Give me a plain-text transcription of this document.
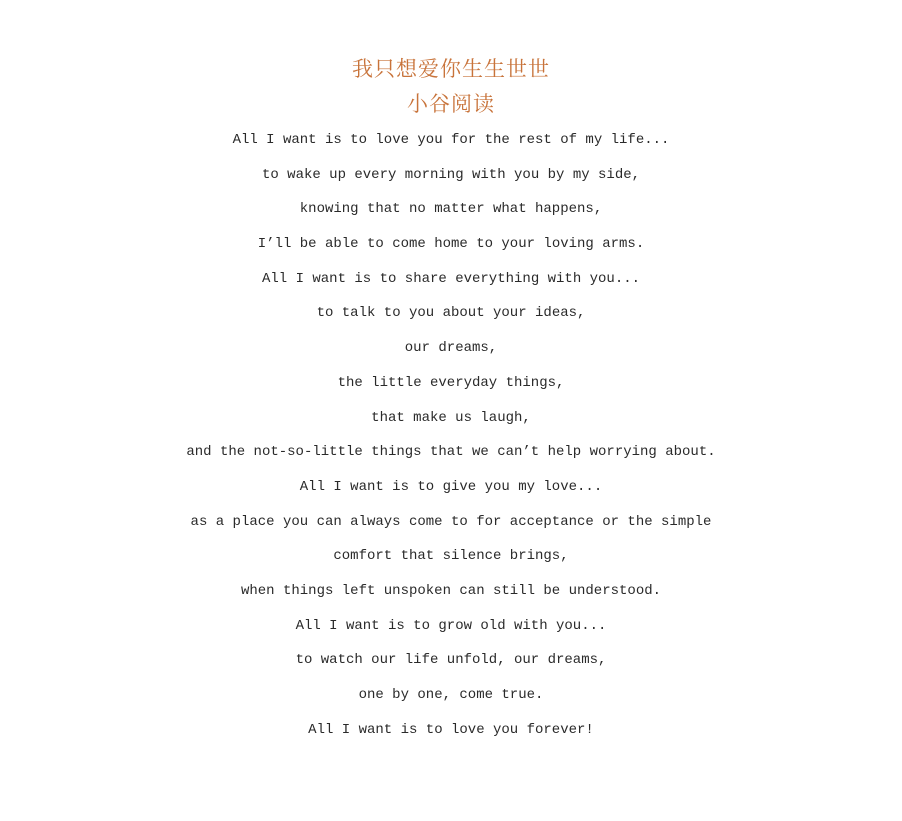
我只想爱你生生世世
小谷阅读
All I want is to love you for the rest of my life...
to wake up every morning with you by my side,
knowing that no matter what happens,
I’ll be able to come home to your loving arms.
All I want is to share everything with you...
to talk to you about your ideas,
our dreams,
the little everyday things,
that make us laugh,
and the not-so-little things that we can’t help worrying about.
All I want is to give you my love...
as a place you can always come to for acceptance or the simple
comfort that silence brings,
when things left unspoken can still be understood.
All I want is to grow old with you...
to watch our life unfold, our dreams,
one by one, come true.
All I want is to love you forever!
